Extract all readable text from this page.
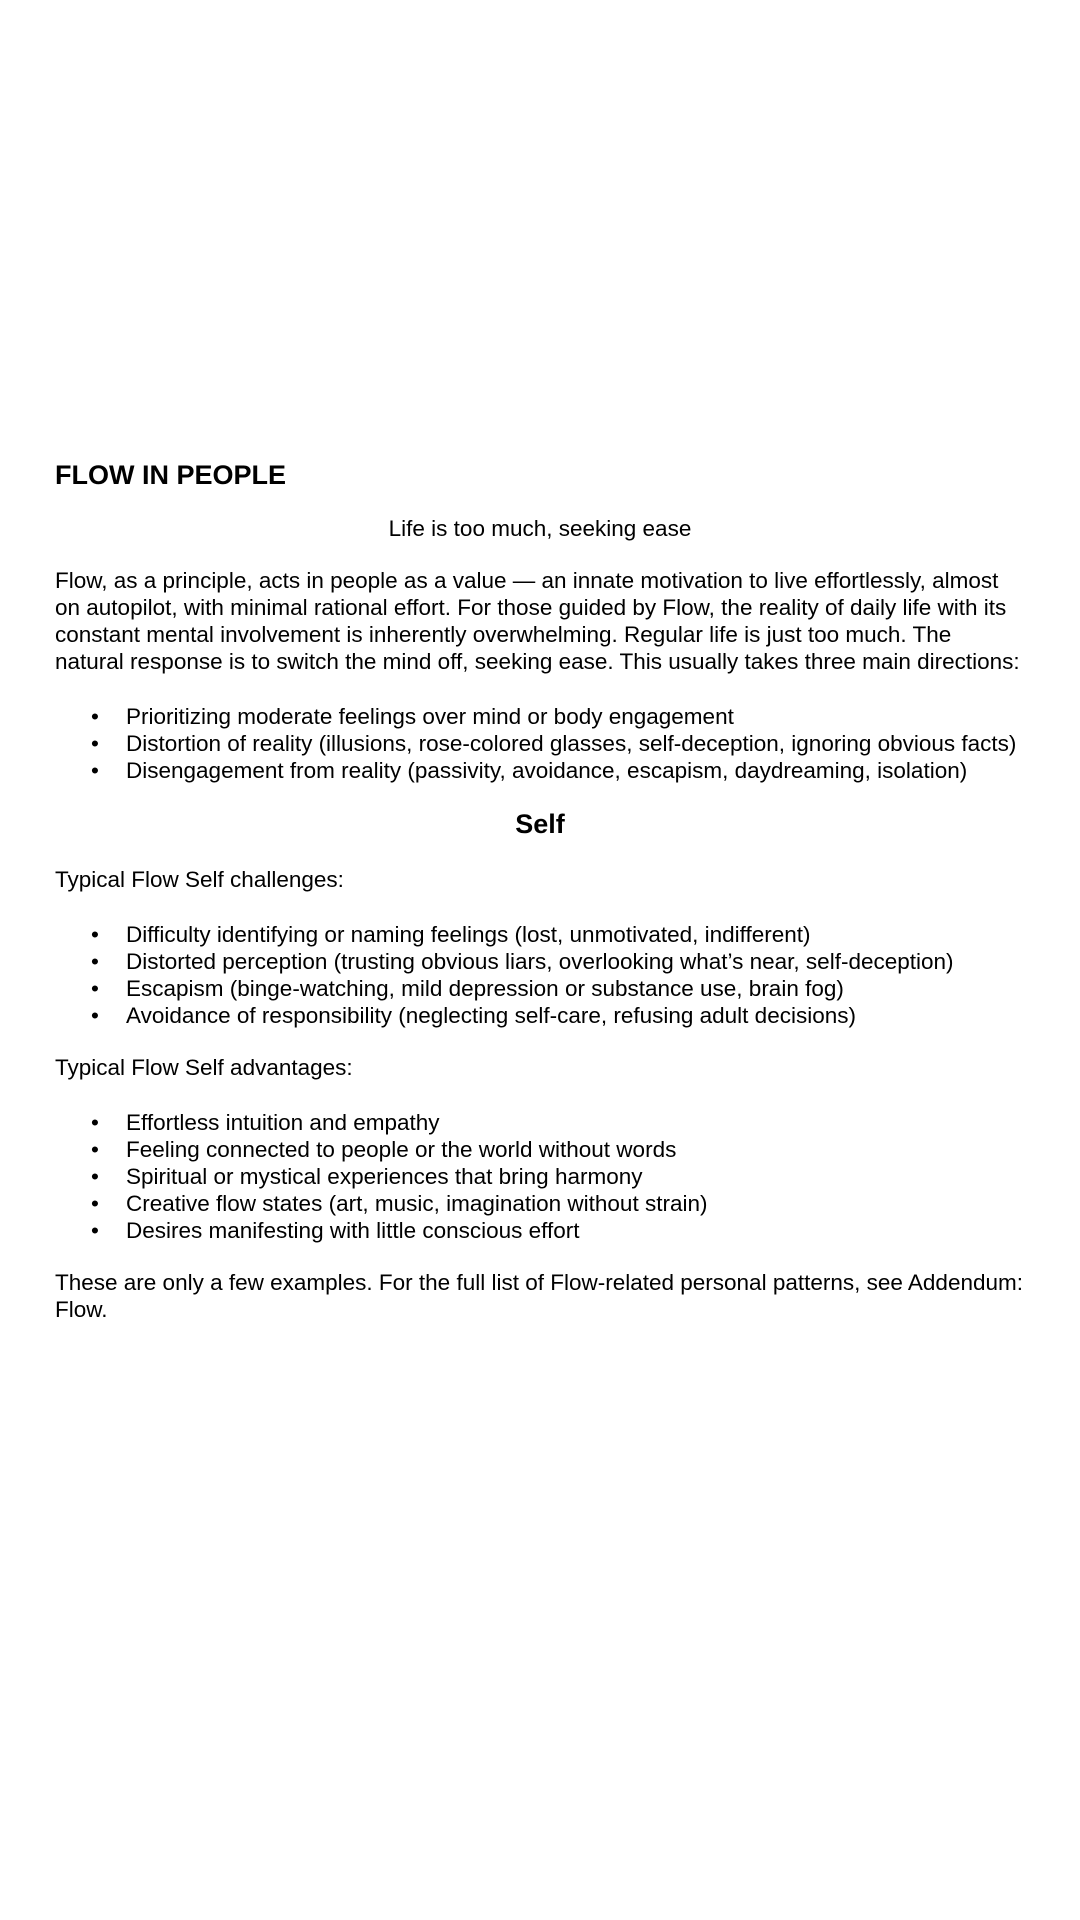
FLOW IN PEOPLE

Life is too much, seeking ease

Flow, as a principle, acts in people as a value — an innate motivation to live effortlessly, almost on autopilot, with minimal rational effort. For those guided by Flow, the reality of daily life with its constant mental involvement is inherently overwhelming. Regular life is just too much. The natural response is to switch the mind off, seeking ease. This usually takes three main directions:

• Prioritizing moderate feelings over mind or body engagement
• Distortion of reality (illusions, rose-colored glasses, self-deception, ignoring obvious facts)
• Disengagement from reality (passivity, avoidance, escapism, daydreaming, isolation)
Self

Typical Flow Self challenges:

• Difficulty identifying or naming feelings (lost, unmotivated, indifferent)
• Distorted perception (trusting obvious liars, overlooking what’s near, self-deception)
• Escapism (binge-watching, mild depression or substance use, brain fog)
• Avoidance of responsibility (neglecting self-care, refusing adult decisions)

Typical Flow Self advantages:

• Effortless intuition and empathy
• Feeling connected to people or the world without words
• Spiritual or mystical experiences that bring harmony
• Creative flow states (art, music, imagination without strain)
• Desires manifesting with little conscious effort

These are only a few examples. For the full list of Flow-related personal patterns, see Addendum: Flow.
